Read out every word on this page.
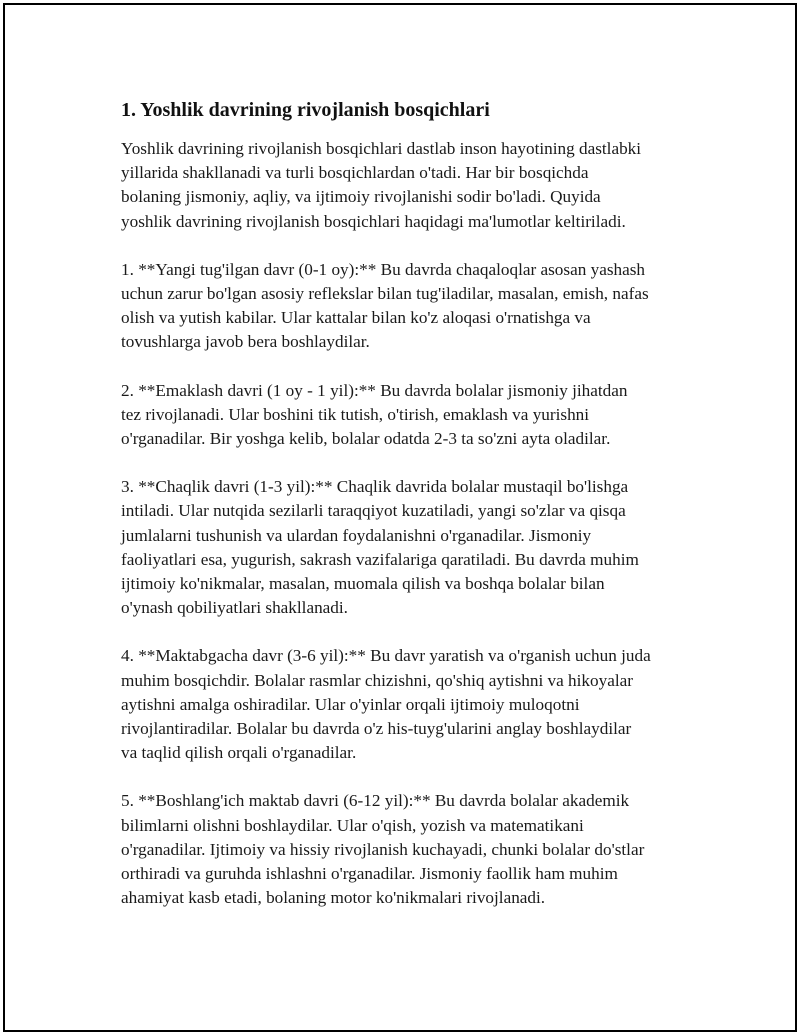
1. Yoshlik davrining rivojlanish bosqichlari

Yoshlik davrining rivojlanish bosqichlari dastlab inson hayotining dastlabki
yillarida shakllanadi va turli bosqichlardan o'tadi. Har bir bosqichda
bolaning jismoniy, aqliy, va ijtimoiy rivojlanishi sodir bo'ladi. Quyida
yoshlik davrining rivojlanish bosqichlari haqidagi ma'lumotlar keltiriladi.

1. **Yangi tug'ilgan davr (0-1 oy):** Bu davrda chaqaloqlar asosan yashash
uchun zarur bo'lgan asosiy reflekslar bilan tug'iladilar, masalan, emish, nafas
olish va yutish kabilar. Ular kattalar bilan ko'z aloqasi o'rnatishga va
tovushlarga javob bera boshlaydilar.

2. **Emaklash davri (1 oy - 1 yil):** Bu davrda bolalar jismoniy jihatdan
tez rivojlanadi. Ular boshini tik tutish, o'tirish, emaklash va yurishni
o'rganadilar. Bir yoshga kelib, bolalar odatda 2-3 ta so'zni ayta oladilar.

3. **Chaqlik davri (1-3 yil):** Chaqlik davrida bolalar mustaqil bo'lishga
intiladi. Ular nutqida sezilarli taraqqiyot kuzatiladi, yangi so'zlar va qisqa
jumlalarni tushunish va ulardan foydalanishni o'rganadilar. Jismoniy
faoliyatlari esa, yugurish, sakrash vazifalariga qaratiladi. Bu davrda muhim
ijtimoiy ko'nikmalar, masalan, muomala qilish va boshqa bolalar bilan
o'ynash qobiliyatlari shakllanadi.

4. **Maktabgacha davr (3-6 yil):** Bu davr yaratish va o'rganish uchun juda
muhim bosqichdir. Bolalar rasmlar chizishni, qo'shiq aytishni va hikoyalar
aytishni amalga oshiradilar. Ular o'yinlar orqali ijtimoiy muloqotni
rivojlantiradilar. Bolalar bu davrda o'z his-tuyg'ularini anglay boshlaydilar
va taqlid qilish orqali o'rganadilar.

5. **Boshlang'ich maktab davri (6-12 yil):** Bu davrda bolalar akademik
bilimlarni olishni boshlaydilar. Ular o'qish, yozish va matematikani
o'rganadilar. Ijtimoiy va hissiy rivojlanish kuchayadi, chunki bolalar do'stlar
orthiradi va guruhda ishlashni o'rganadilar. Jismoniy faollik ham muhim
ahamiyat kasb etadi, bolaning motor ko'nikmalari rivojlanadi.
